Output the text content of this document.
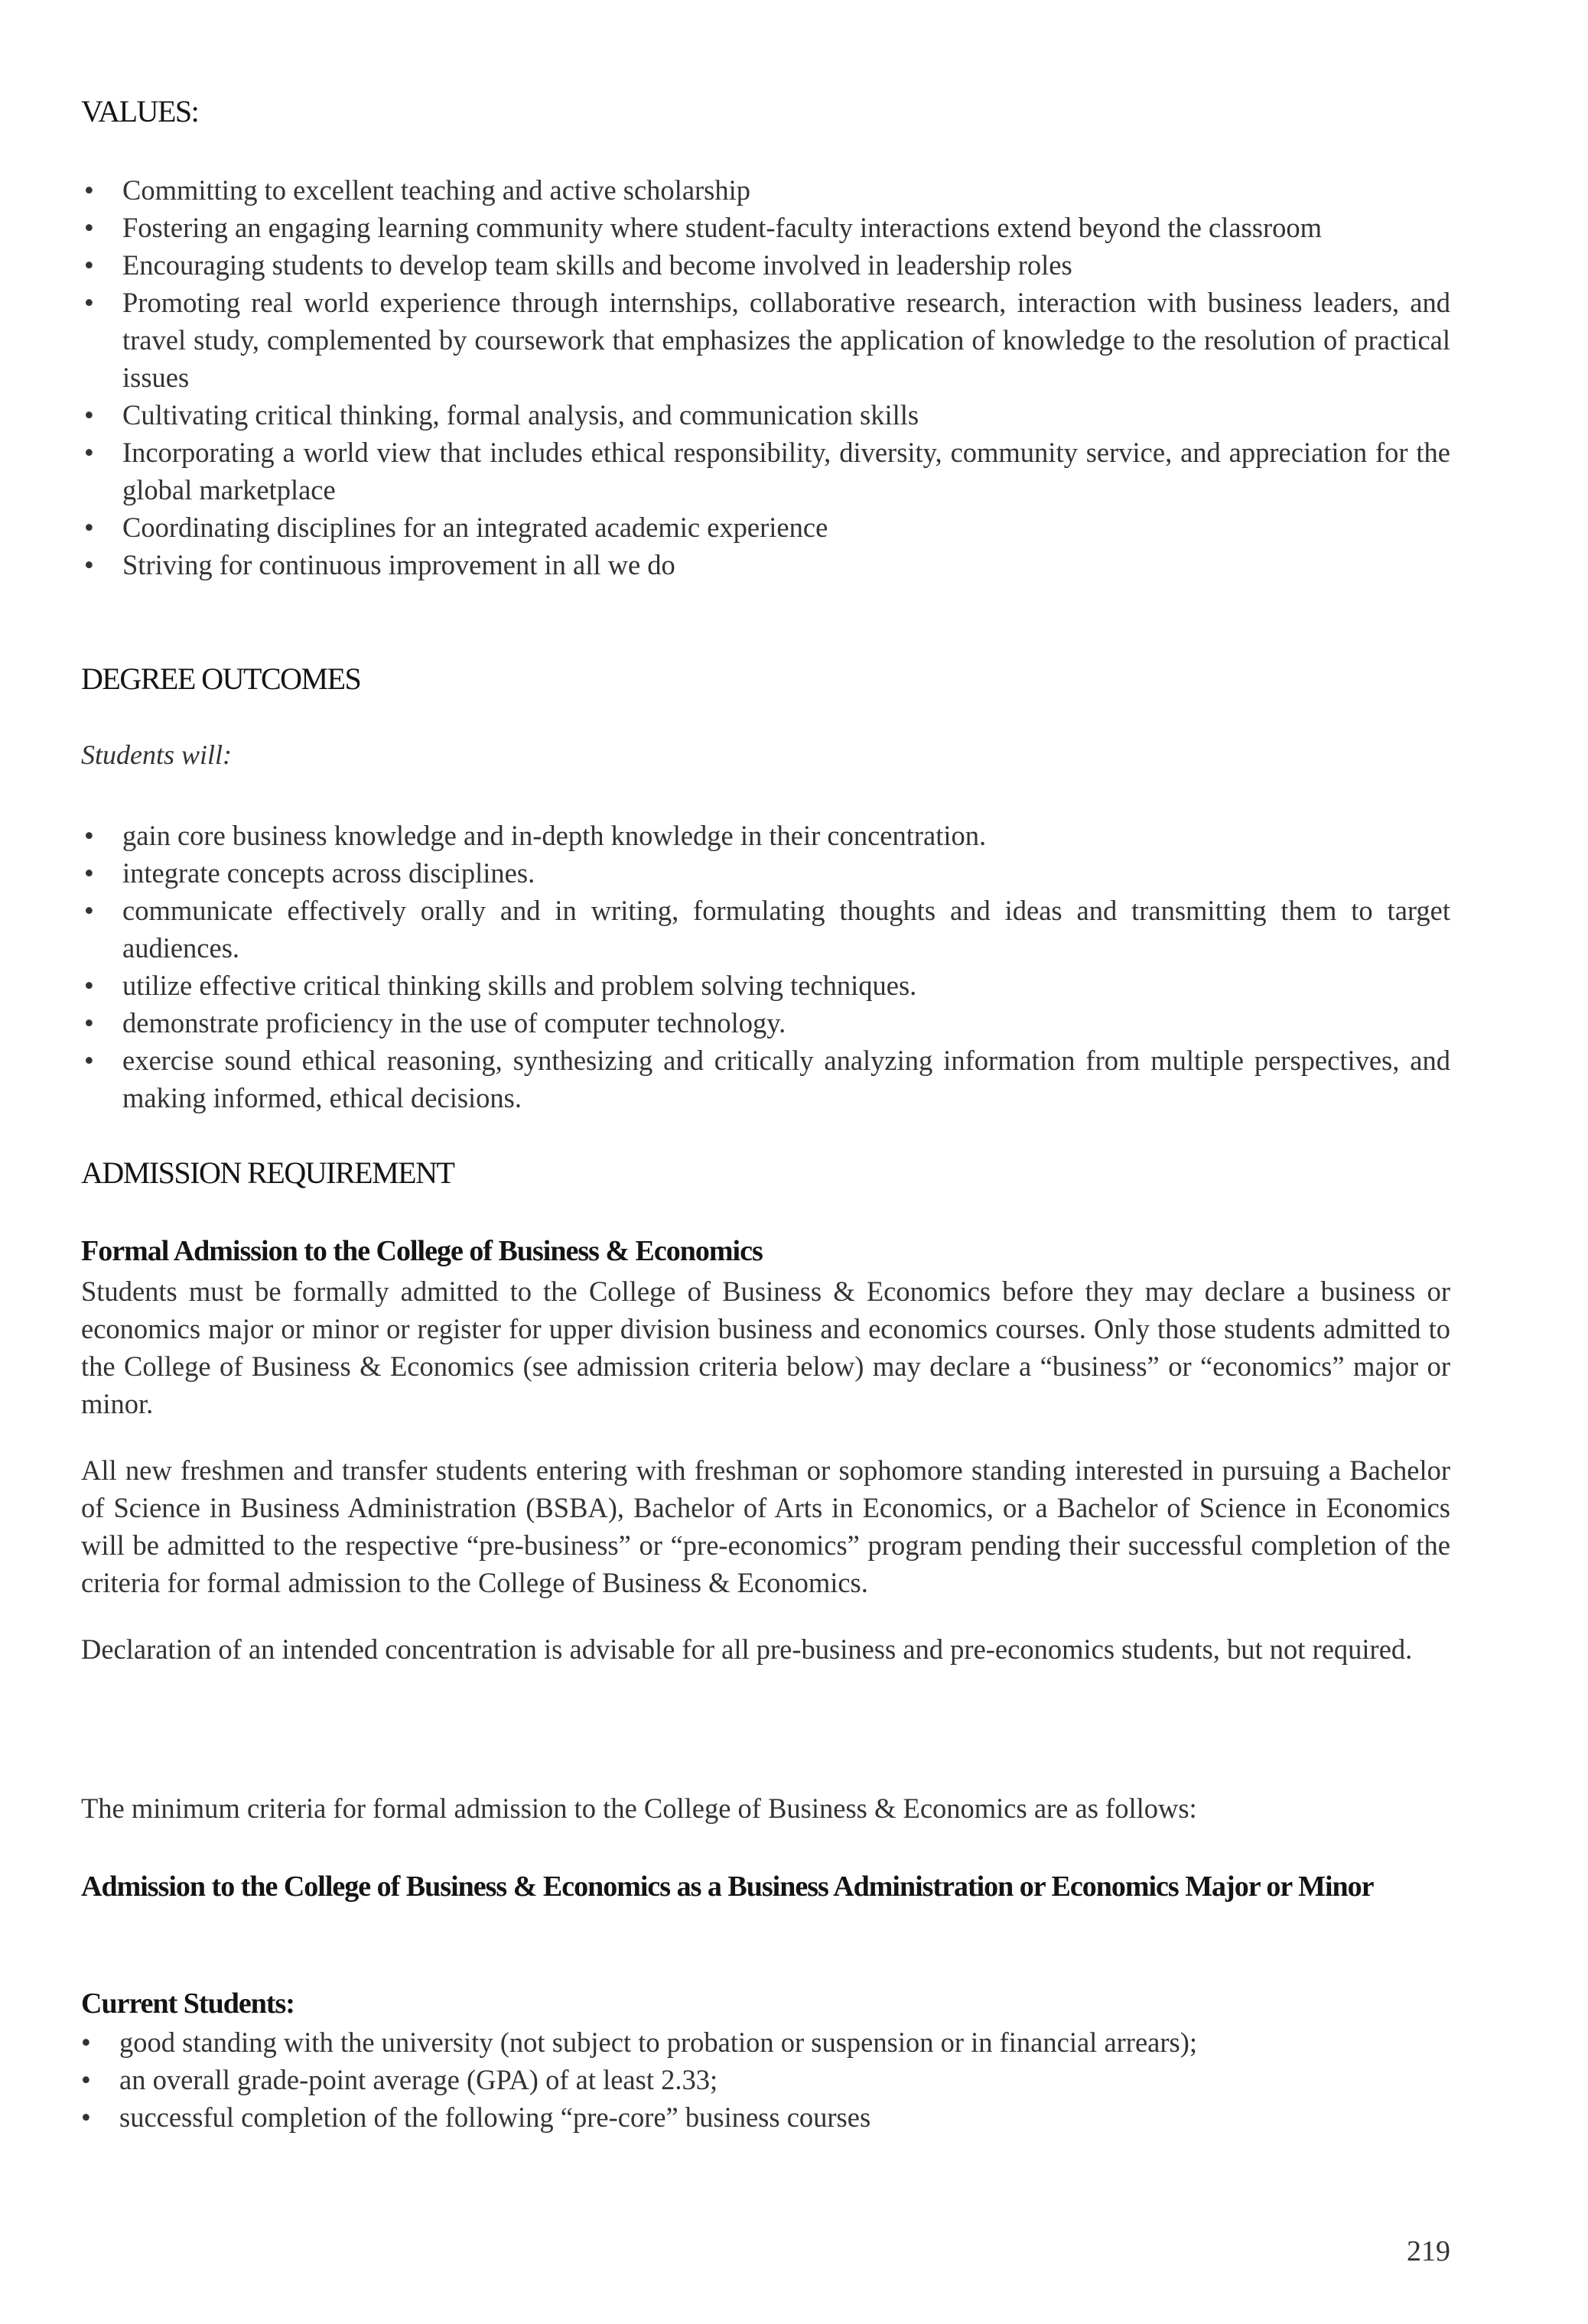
VALUES:
• Committing to excellent teaching and active scholarship
• Fostering an engaging learning community where student-faculty interactions extend beyond the classroom
• Encouraging students to develop team skills and become involved in leadership roles
• Promoting real world experience through internships, collaborative research, interaction with business leaders, and travel study, complemented by coursework that emphasizes the application of knowledge to the resolution of practical issues
• Cultivating critical thinking, formal analysis, and communication skills
• Incorporating a world view that includes ethical responsibility, diversity, community service, and appreciation for the global marketplace
• Coordinating disciplines for an integrated academic experience
• Striving for continuous improvement in all we do
DEGREE OUTCOMES
Students will:
• gain core business knowledge and in-depth knowledge in their concentration.
• integrate concepts across disciplines.
• communicate effectively orally and in writing, formulating thoughts and ideas and transmitting them to target audiences.
• utilize effective critical thinking skills and problem solving techniques.
• demonstrate proficiency in the use of computer technology.
• exercise sound ethical reasoning, synthesizing and critically analyzing information from multiple perspectives, and making informed, ethical decisions.
ADMISSION REQUIREMENT
Formal Admission to the College of Business & Economics

Students must be formally admitted to the College of Business & Economics before they may declare a business or economics major or minor or register for upper division business and economics courses. Only those students admitted to the College of Business & Economics (see admission criteria below) may declare a “business” or “economics” major or minor.

All new freshmen and transfer students entering with freshman or sophomore standing interested in pursuing a Bachelor of Science in Business Administration (BSBA), Bachelor of Arts in Economics, or a Bachelor of Science in Economics will be admitted to the respective “pre-business” or “pre-economics” program pending their successful completion of the criteria for formal admission to the College of Business & Economics.

Declaration of an intended concentration is advisable for all pre-business and pre-economics students, but not required.

The minimum criteria for formal admission to the College of Business & Economics are as follows:

Admission to the College of Business & Economics as a Business Administration or Economics Major or Minor
Current Students:
• good standing with the university (not subject to probation or suspension or in financial arrears);
• an overall grade-point average (GPA) of at least 2.33;
• successful completion of the following “pre-core” business courses
219
